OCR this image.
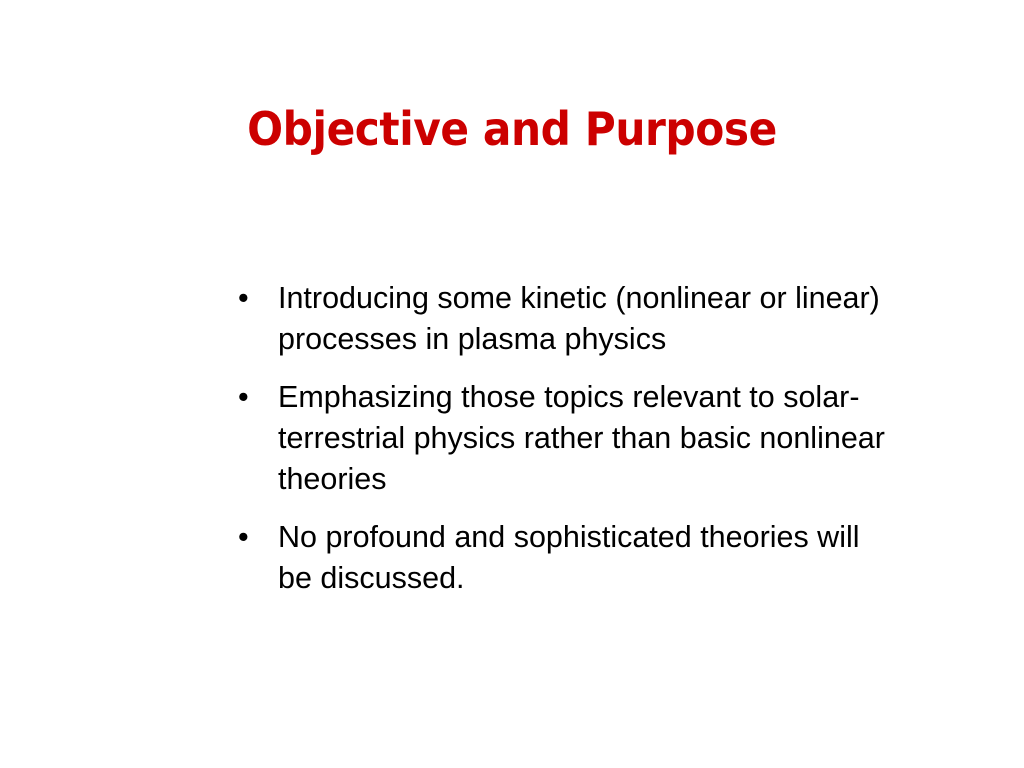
Objective and Purpose
• Introducing some kinetic (nonlinear or linear) processes in plasma physics
• Emphasizing those topics relevant to solar-terrestrial physics rather than basic nonlinear theories
• No profound and sophisticated theories will be discussed.
